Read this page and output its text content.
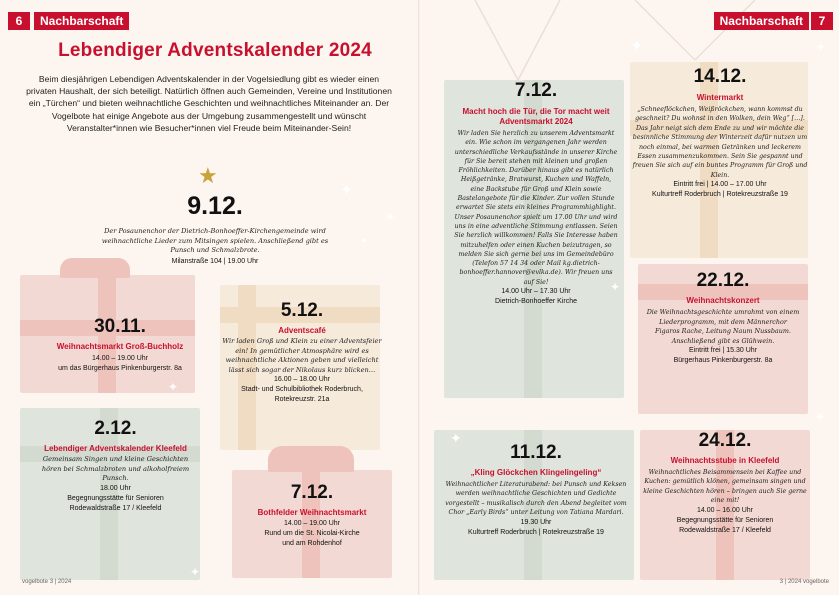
✦
✦
✦
✦
✦
6	Nachbarschaft
Lebendiger Adventskalender 2024
Beim diesjährigen Lebendigen Adventskalender in der Vogelsiedlung gibt es wieder einen privaten Haushalt, der sich beteiligt. Natürlich öffnen auch Gemeinden, Vereine und Institutionen ein „Türchen“ und bieten weihnachtliche Geschichten und weihnachtliches Miteinander an. Der Vogelbote hat einige Angebote aus der Umgebung zusammengestellt und wünscht Veranstalter*innen wie Besucher*innen viel Freude beim Miteinander-Sein!
★
9.12.
Der Posaunenchor der Dietrich-Bonhoeffer-Kirchengemeinde wird weihnachtliche Lieder zum Mitsingen spielen. Anschließend gibt es Punsch und Schmalzbrote.
Milanstraße 104 | 19.00 Uhr
30.11.
Weihnachtsmarkt Groß-Buchholz
14.00 – 19.00 Uhr
um das Bürgerhaus Pinkenburgerstr. 8a
5.12.
Adventscafé
Wir laden Groß und Klein zu einer Adventsfeier ein! In gemütlicher Atmosphäre wird es weihnachtliche Aktionen geben und vielleicht lässt sich sogar der Nikolaus kurz blicken…
16.00 – 18.00 Uhr
Stadt- und Schulbibliothek Roderbruch,
Rotekreuzstr. 21a
2.12.
Lebendiger Adventskalender Kleefeld
Gemeinsam Singen und kleine Geschichten hören bei Schmalzbroten und alkoholfreiem Punsch.
18.00 Uhr
Begegnungsstätte für Senioren
Rodewaldstraße 17 / Kleefeld
7.12.
Bothfelder Weihnachtsmarkt
14.00 – 19.00 Uhr
Rund um die St. Nicolai-Kirche
und am Rohdenhof
vogelbote 3 | 2024
✦	✦
✦
✦
✦
Nachbarschaft	7
7.12.
Macht hoch die Tür, die Tor macht weit Adventsmarkt 2024
Wir laden Sie herzlich zu unserem Adventsmarkt ein. Wie schon im vergangenen Jahr werden unterschiedliche Verkaufsstände in unserer Kirche für Sie bereit stehen mit kleinen und großen Fröhlichkeiten. Darüber hinaus gibt es natürlich Heißgetränke, Bratwurst, Kuchen und Waffeln, eine Backstube für Groß und Klein sowie Bastelangebote für die Kinder. Zur vollen Stunde erwartet Sie stets ein kleines Programmhighlight. Unser Posaunenchor spielt um 17.00 Uhr und wird uns in eine adventliche Stimmung entlassen. Seien Sie herzlich willkommen! Falls Sie Interesse haben mitzuhelfen oder einen Kuchen beizutragen, so melden Sie sich gerne bei uns im Gemeindebüro (Telefon 57 14 34 oder Mail kg.dietrich-bonhoeffer.hannover@evlka.de). Wir freuen uns auf Sie!
14.00 Uhr – 17.30 Uhr
Dietrich-Bonhoeffer Kirche
14.12.
Wintermarkt
„Schneeflöckchen, Weißröckchen, wann kommst du geschneit? Du wohnst in den Wolken, dein Weg“ […]. Das Jahr neigt sich dem Ende zu und wir möchte die besinnliche Stimmung der Winterzeit dafür nutzen um noch einmal, bei warmen Getränken und leckerem Essen zusammenzukommen. Sein Sie gespannt und freuen Sie sich auf ein buntes Programm für Groß und Klein.
Eintritt frei | 14.00 – 17.00 Uhr
Kulturtreff Roderbruch | Rotekreuzstraße 19
22.12.
Weihnachtskonzert
Die Weihnachtsgeschichte umrahmt von einem Liederprogramm, mit dem Männerchor Figaros Rache, Leitung Naum Nussbaum. Anschließend gibt es Glühwein.
Eintritt frei | 15.30 Uhr
Bürgerhaus Pinkenburgerstr. 8a
11.12.
„Kling Glöckchen Klingelingeling“
Weihnachtlicher Literaturabend: bei Punsch und Keksen werden weihnachtliche Geschichten und Gedichte vorgestellt – musikalisch durch den Abend begleitet vom Chor „Early Birds“ unter Leitung von Tatiana Mardari.
19.30 Uhr
Kulturtreff Roderbruch | Rotekreuzstraße 19
24.12.
Weihnachtsstube in Kleefeld
Weihnachtliches Beisammensein bei Kaffee und Kuchen: gemütlich klönen, gemeinsam singen und kleine Geschichten hören – bringen auch Sie gerne eine mit!
14.00 – 16.00 Uhr
Begegnungsstätte für Senioren
Rodewaldstraße 17 / Kleefeld
3 | 2024 vogelbote
